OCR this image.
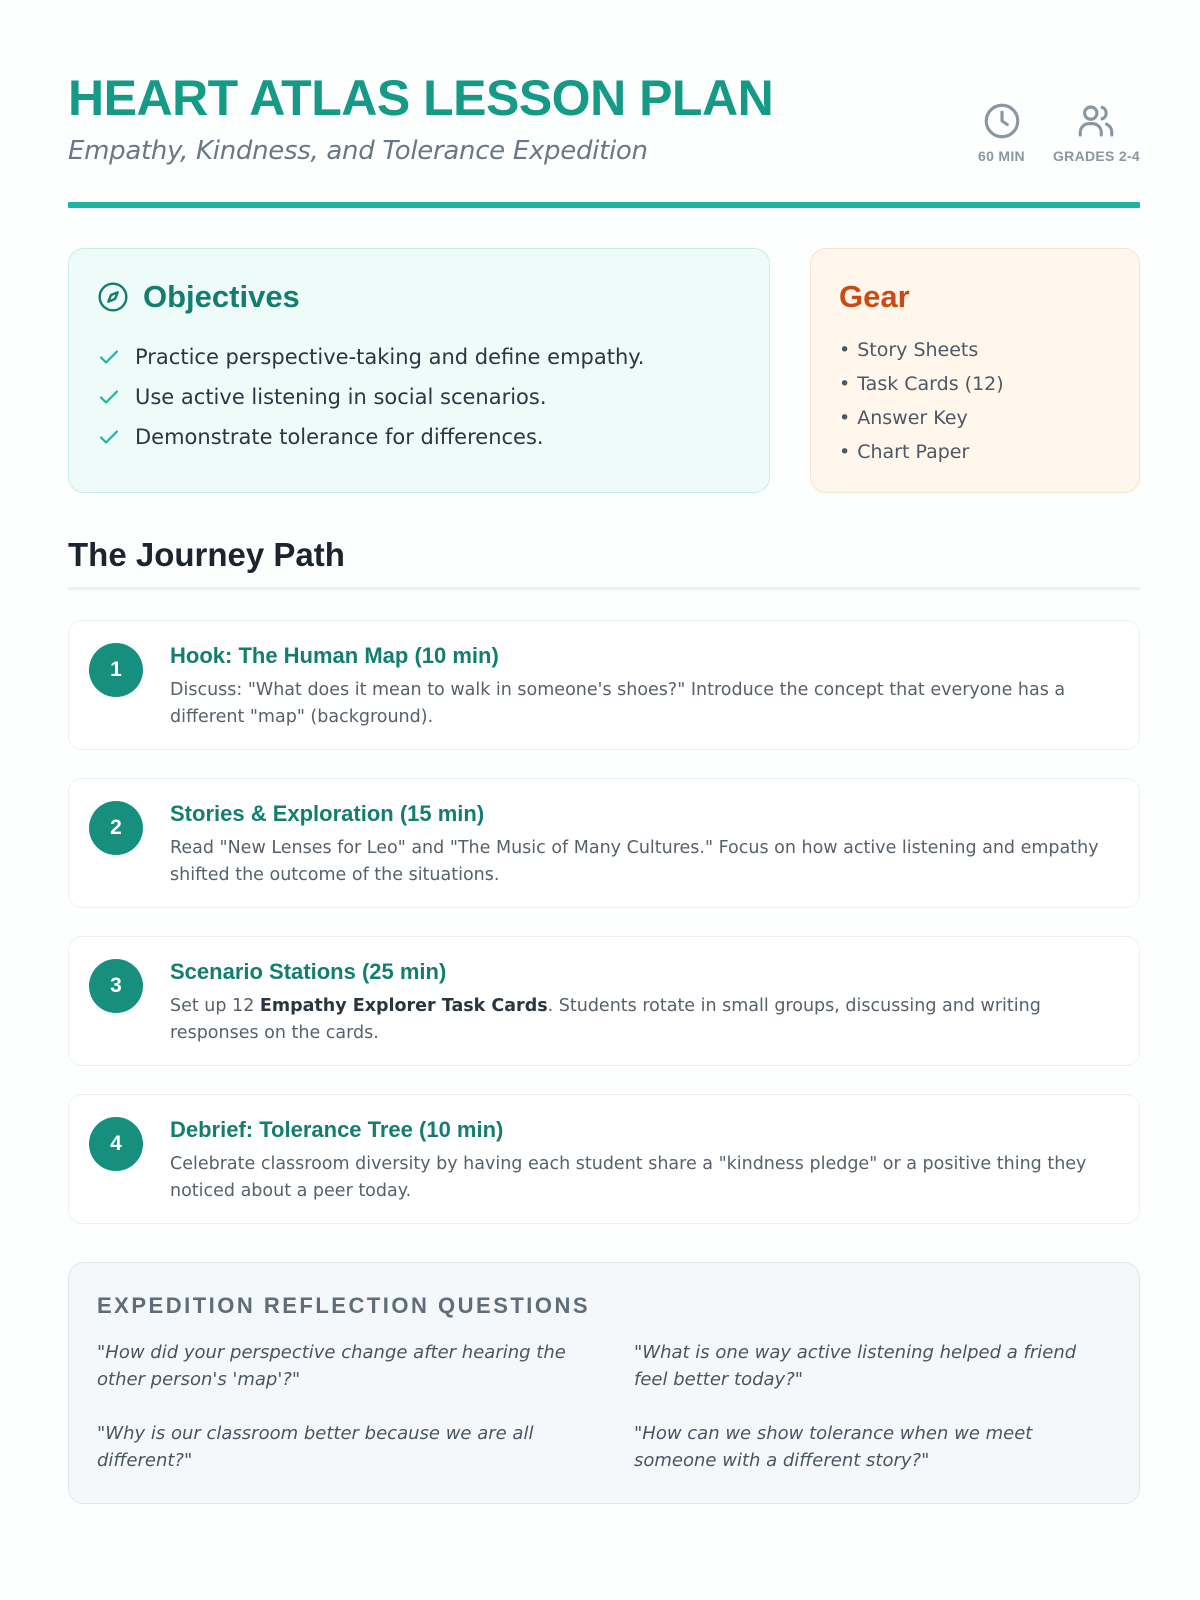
HEART ATLAS LESSON PLAN
Empathy, Kindness, and Tolerance Expedition	60 MIN GRADES 2-4
Objectives
Practice perspective-taking and define empathy.
Use active listening in social scenarios.
Demonstrate tolerance for differences.
Gear
• Story Sheets
• Task Cards (12)
• Answer Key
• Chart Paper
The Journey Path
1
Hook: The Human Map (10 min)
Discuss: "What does it mean to walk in someone's shoes?" Introduce the concept that everyone has a different "map" (background).
2
Stories & Exploration (15 min)
Read "New Lenses for Leo" and "The Music of Many Cultures." Focus on how active listening and empathy shifted the outcome of the situations.
3
Scenario Stations (25 min)
Set up 12 Empathy Explorer Task Cards. Students rotate in small groups, discussing and writing responses on the cards.
4
Debrief: Tolerance Tree (10 min)
Celebrate classroom diversity by having each student share a "kindness pledge" or a positive thing they noticed about a peer today.
EXPEDITION REFLECTION QUESTIONS

"How did your perspective change after hearing the other person's 'map'?"

"What is one way active listening helped a friend feel better today?"

"Why is our classroom better because we are all different?"

"How can we show tolerance when we meet someone with a different story?"
